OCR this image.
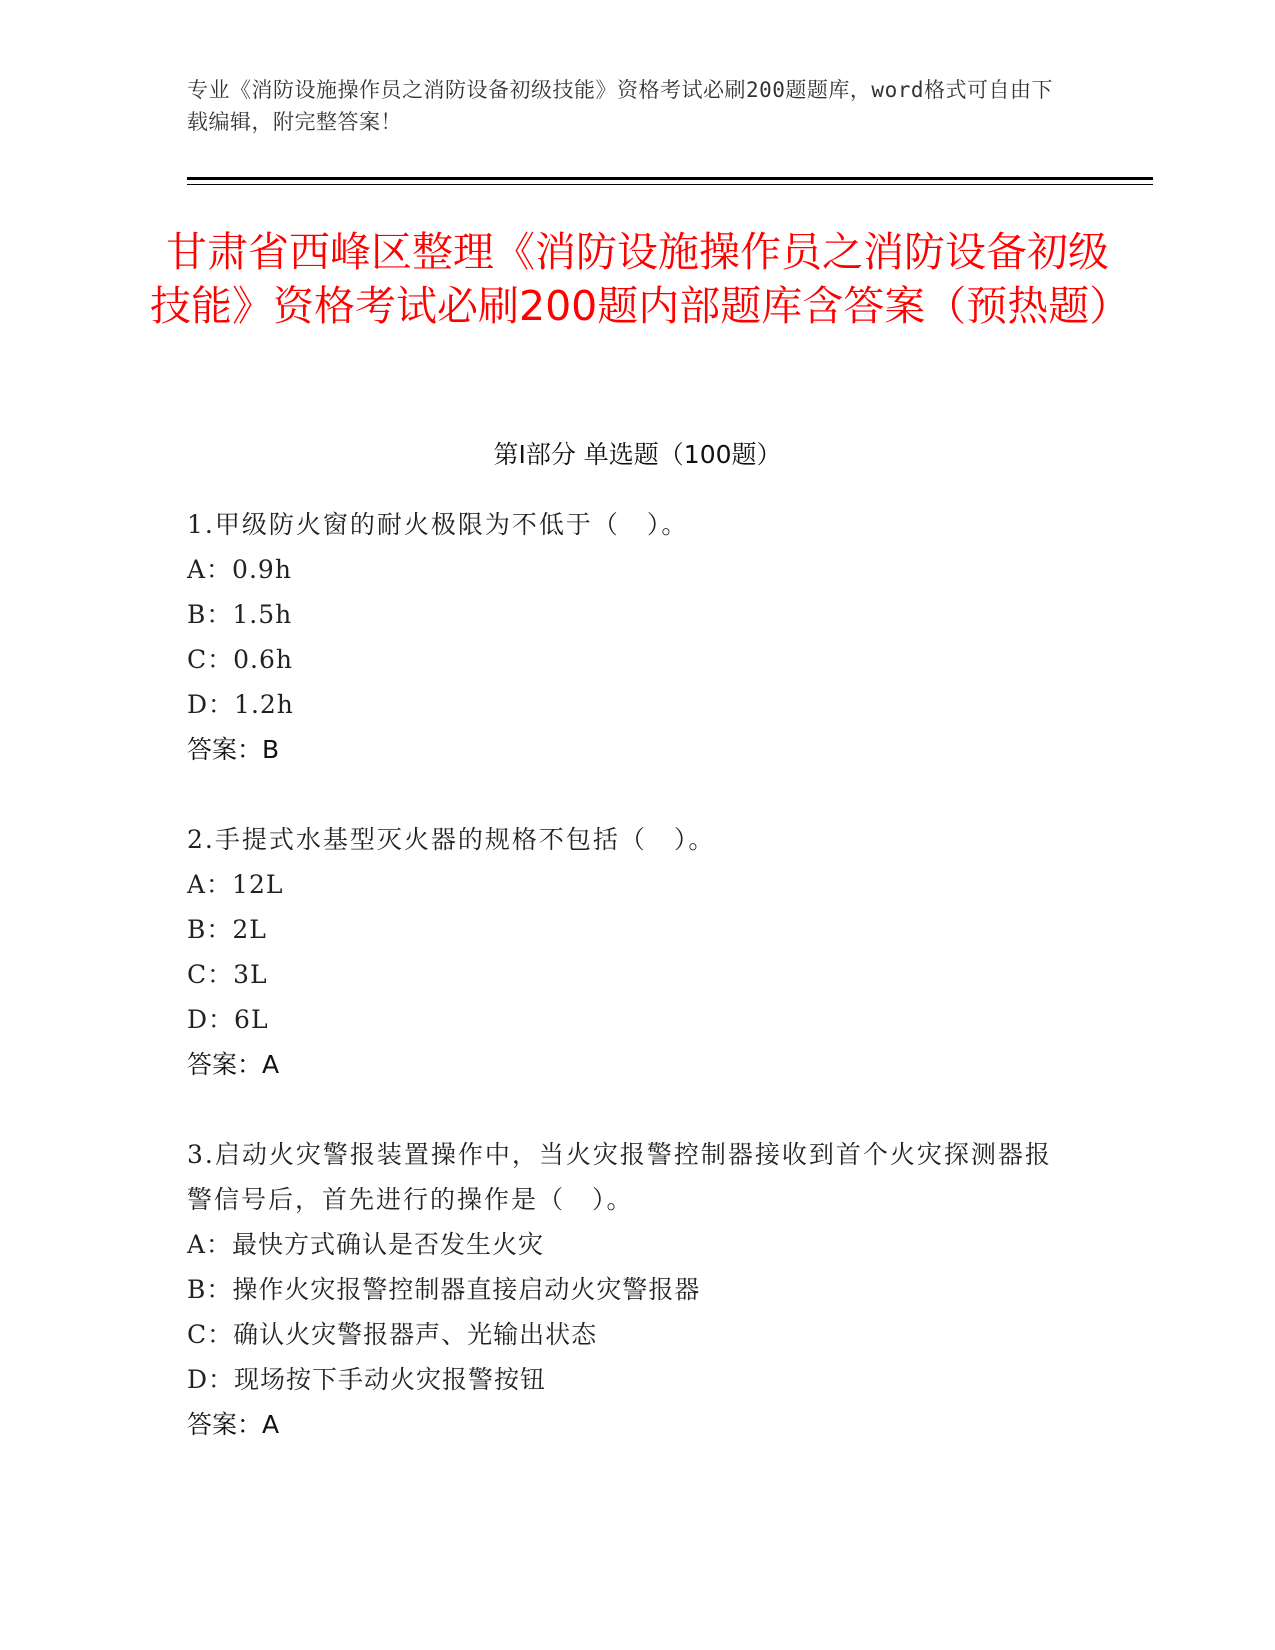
专业《消防设施操作员之消防设备初级技能》资格考试必刷200题题库，word格式可自由下载编辑，附完整答案！
甘肃省西峰区整理《消防设施操作员之消防设备初级技能》资格考试必刷200题内部题库含答案（预热题）
第I部分 单选题（100题）
1.甲级防火窗的耐火极限为不低于（　）。
A：0.9h
B：1.5h
C：0.6h
D：1.2h
答案：B
2.手提式水基型灭火器的规格不包括（　）。
A：12L
B：2L
C：3L
D：6L
答案：A
3.启动火灾警报装置操作中，当火灾报警控制器接收到首个火灾探测器报警信号后，首先进行的操作是（　）。
A：最快方式确认是否发生火灾
B：操作火灾报警控制器直接启动火灾警报器
C：确认火灾警报器声、光输出状态
D：现场按下手动火灾报警按钮
答案：A
